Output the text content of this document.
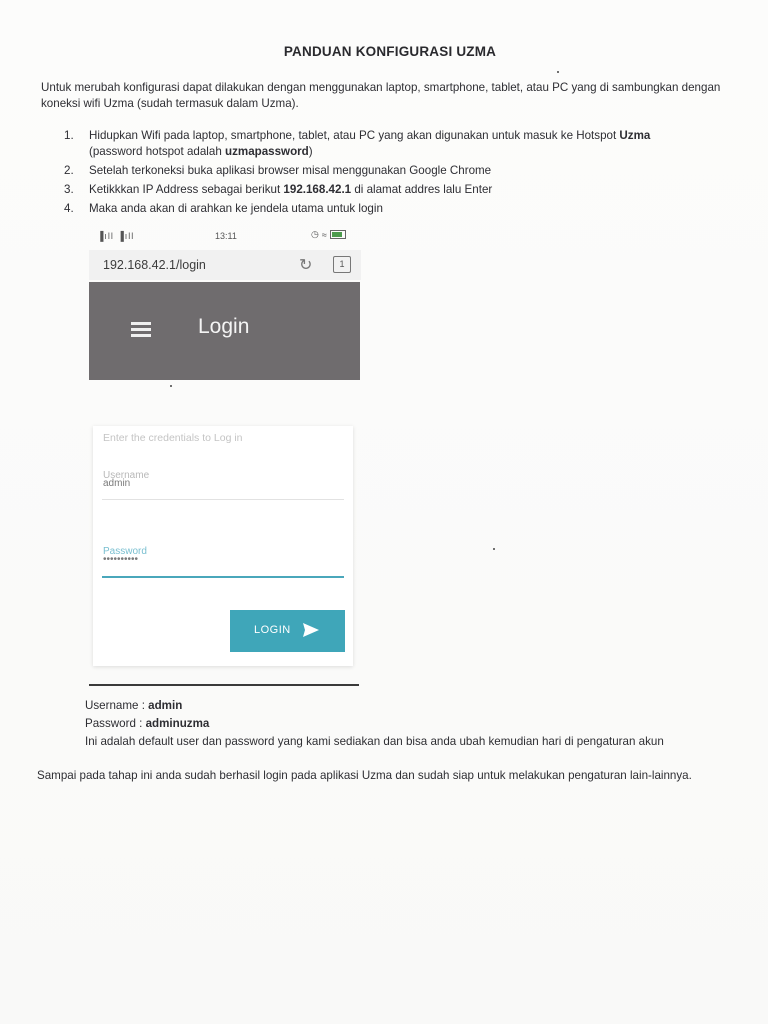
PANDUAN KONFIGURASI UZMA
Untuk merubah konfigurasi dapat dilakukan dengan menggunakan laptop, smartphone, tablet, atau PC yang di sambungkan dengan koneksi wifi Uzma (sudah termasuk dalam Uzma).
1. Hidupkan Wifi pada laptop, smartphone, tablet, atau PC yang akan digunakan untuk masuk ke Hotspot Uzma
(password hotspot adalah uzmapassword)
2. Setelah terkoneksi buka aplikasi browser misal menggunakan Google Chrome
3. Ketikkkan IP Address sebagai berikut 192.168.42.1 di alamat addres lalu Enter
4. Maka anda akan di arahkan ke jendela utama untuk login
▐ıll ▐ıll	13:11	◷ ≈
192.168.42.1/login	↻	1
Login
Enter the credentials to Log in
Username
admin
Password
••••••••••
LOGIN
Username : admin
Password : adminuzma
Ini adalah default user dan password yang kami sediakan dan bisa anda ubah kemudian hari di pengaturan akun
Sampai pada tahap ini anda sudah berhasil login pada aplikasi Uzma dan sudah siap untuk melakukan pengaturan lain-lainnya.
